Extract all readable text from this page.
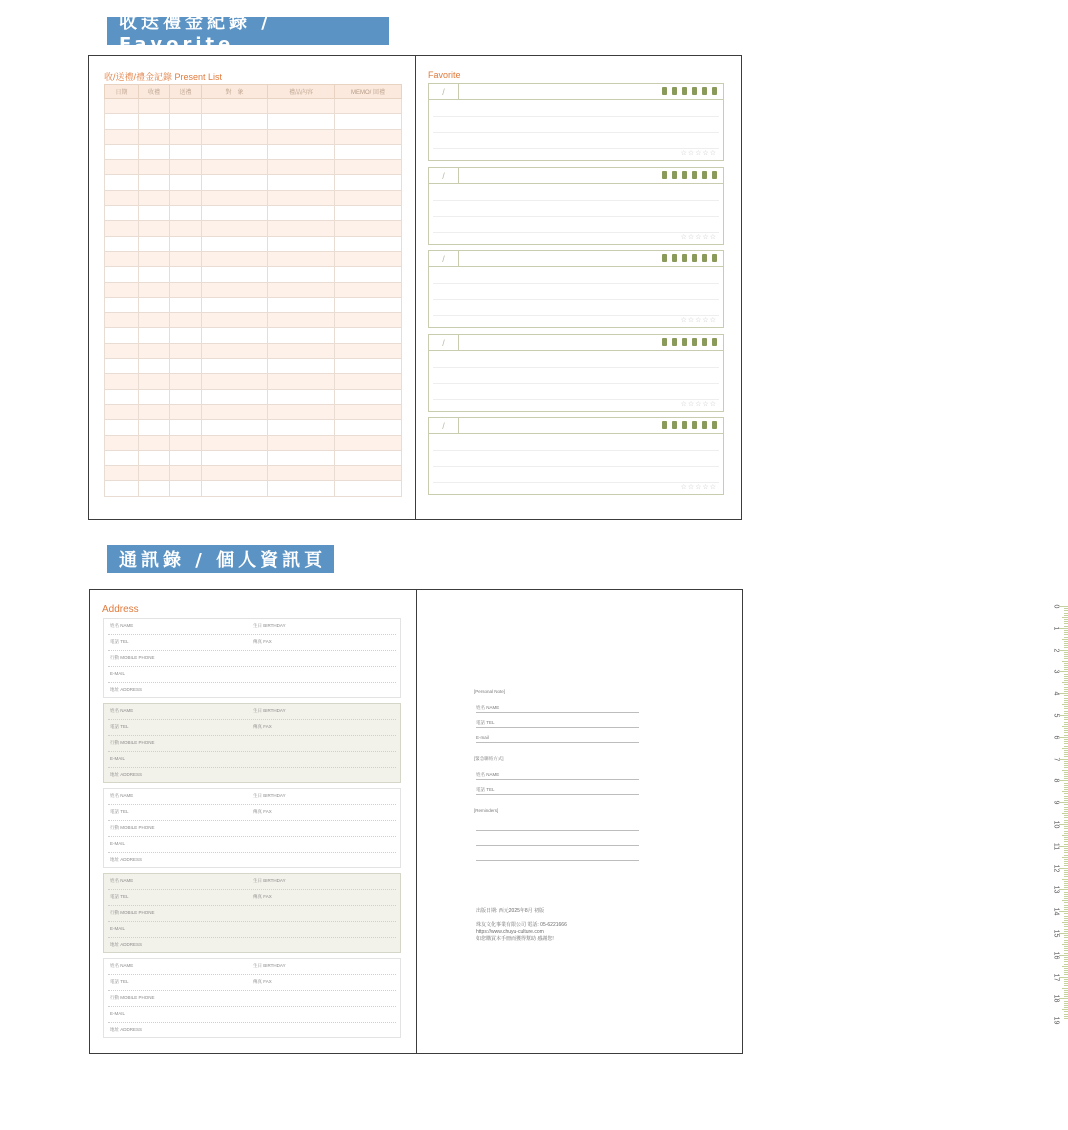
收送禮金紀錄 / Favorite
收/送禮/禮金記錄 Present List
日期	收禮	送禮	對　象	禮品內容	MEMO/ 回禮

Favorite
/
☆☆☆☆☆
/
☆☆☆☆☆
/
☆☆☆☆☆
/
☆☆☆☆☆
/
☆☆☆☆☆
通訊錄 / 個人資訊頁
Address
姓名 NAME	生日 BIRTHDAY
電話 TEL	傳真 FAX
行動 MOBILE PHONE
E-MAIL
地址 ADDRESS
姓名 NAME	生日 BIRTHDAY
電話 TEL	傳真 FAX
行動 MOBILE PHONE
E-MAIL
地址 ADDRESS
姓名 NAME	生日 BIRTHDAY
電話 TEL	傳真 FAX
行動 MOBILE PHONE
E-MAIL
地址 ADDRESS
姓名 NAME	生日 BIRTHDAY
電話 TEL	傳真 FAX
行動 MOBILE PHONE
E-MAIL
地址 ADDRESS
姓名 NAME	生日 BIRTHDAY
電話 TEL	傳真 FAX
行動 MOBILE PHONE
E-MAIL
地址 ADDRESS
[Personal Note]
姓名 NAME
電話 TEL
E-mail
[緊急聯絡方式]
姓名 NAME
電話 TEL
[Reminders]
出版日期: 西元2025年8月 初版
珠友文化事業有限公司 電話: 05-6221666
https://www.chuyu-culture.com
如您購買本手冊而獲得幫助 感謝您!
0
1
2
3
4
5
6
7
8
9
10
11
12
13
14
15
16
17
18
19
